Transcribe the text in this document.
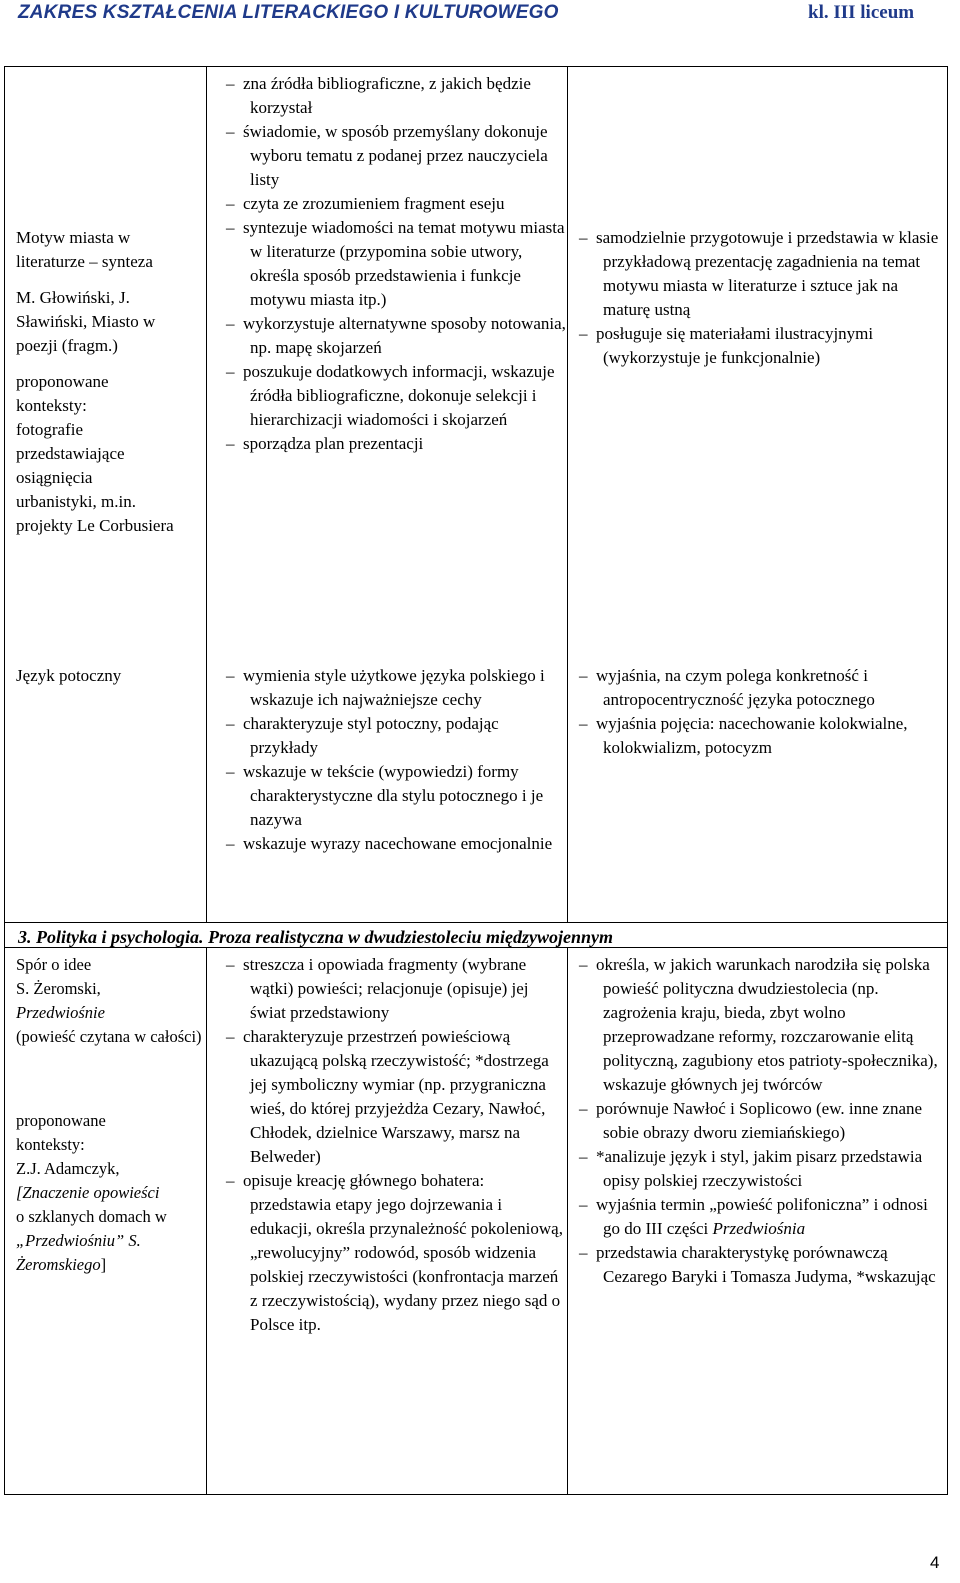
ZAKRES KSZTAŁCENIA LITERACKIEGO I KULTUROWEGO	kl. III liceum
Motyw miasta w
literaturze – synteza
M. Głowiński, J.
Sławiński, Miasto w
poezji (fragm.)
proponowane
konteksty:
fotografie
przedstawiające
osiągnięcia
urbanistyki, m.in.
projekty Le Corbusiera
–  zna źródła bibliograficzne, z jakich będzie korzystał
–  świadomie, w sposób przemyślany dokonuje wyboru tematu z podanej przez nauczyciela listy
–  czyta ze zrozumieniem fragment eseju
–  syntezuje wiadomości na temat motywu miasta w literaturze (przypomina sobie utwory, określa sposób przedstawienia i funkcje motywu miasta itp.)
–  wykorzystuje alternatywne sposoby notowania, np. mapę skojarzeń
–  poszukuje dodatkowych informacji, wskazuje źródła bibliograficzne, dokonuje selekcji i hierarchizacji wiadomości i skojarzeń
–  sporządza plan prezentacji
–  samodzielnie przygotowuje i przedstawia w klasie przykładową prezentację zagadnienia na temat motywu miasta w literaturze i sztuce jak na maturę ustną
–  posługuje się materiałami ilustracyjnymi (wykorzystuje je funkcjonalnie)
Język potoczny
–	wymienia style użytkowe języka polskiego i wskazuje ich najważniejsze cechy
–  charakteryzuje styl potoczny, podając przykłady
–  wskazuje w tekście (wypowiedzi) formy charakterystyczne dla stylu potocznego i je nazywa
–  wskazuje wyrazy nacechowane emocjonalnie
–  wyjaśnia, na czym polega konkretność i antropocentryczność języka potocznego
–  wyjaśnia pojęcia: nacechowanie kolokwialne, kolokwializm, potocyzm
3. Polityka i psychologia. Proza realistyczna w dwudziestoleciu międzywojennym
Spór o idee
S. Żeromski,
Przedwiośnie
(powieść czytana w całości)
proponowane
konteksty:
Z.J. Adamczyk,
[Znaczenie opowieści
o szklanych domach w
„Przedwiośniu” S.
Żeromskiego]
–  streszcza i opowiada fragmenty (wybrane wątki) powieści; relacjonuje (opisuje) jej świat przedstawiony
–  charakteryzuje przestrzeń powieściową ukazującą polską rzeczywistość; *dostrzega jej symboliczny wymiar (np. przygraniczna wieś, do której przyjeżdża Cezary, Nawłoć, Chłodek, dzielnice Warszawy, marsz na Belweder)
–  opisuje kreację głównego bohatera: przedstawia etapy jego dojrzewania i edukacji, określa przynależność pokoleniową, „rewolucyjny” rodowód, sposób widzenia polskiej rzeczywistości (konfrontacja marzeń z rzeczywistością), wydany przez niego sąd o Polsce itp.
–  określa, w jakich warunkach narodziła się polska powieść polityczna dwudziestolecia (np. zagrożenia kraju, bieda, zbyt wolno przeprowadzane reformy, rozczarowanie elitą polityczną, zagubiony etos patrioty-społecznika), wskazuje głównych jej twórców
–  porównuje Nawłoć i Soplicowo (ew. inne znane sobie obrazy dworu ziemiańskiego)
–  *analizuje język i styl, jakim pisarz przedstawia opisy polskiej rzeczywistości
–  wyjaśnia termin „powieść polifoniczna” i odnosi go do III części Przedwiośnia
–  przedstawia charakterystykę porównawczą Cezarego Baryki i Tomasza Judyma, *wskazując
4
